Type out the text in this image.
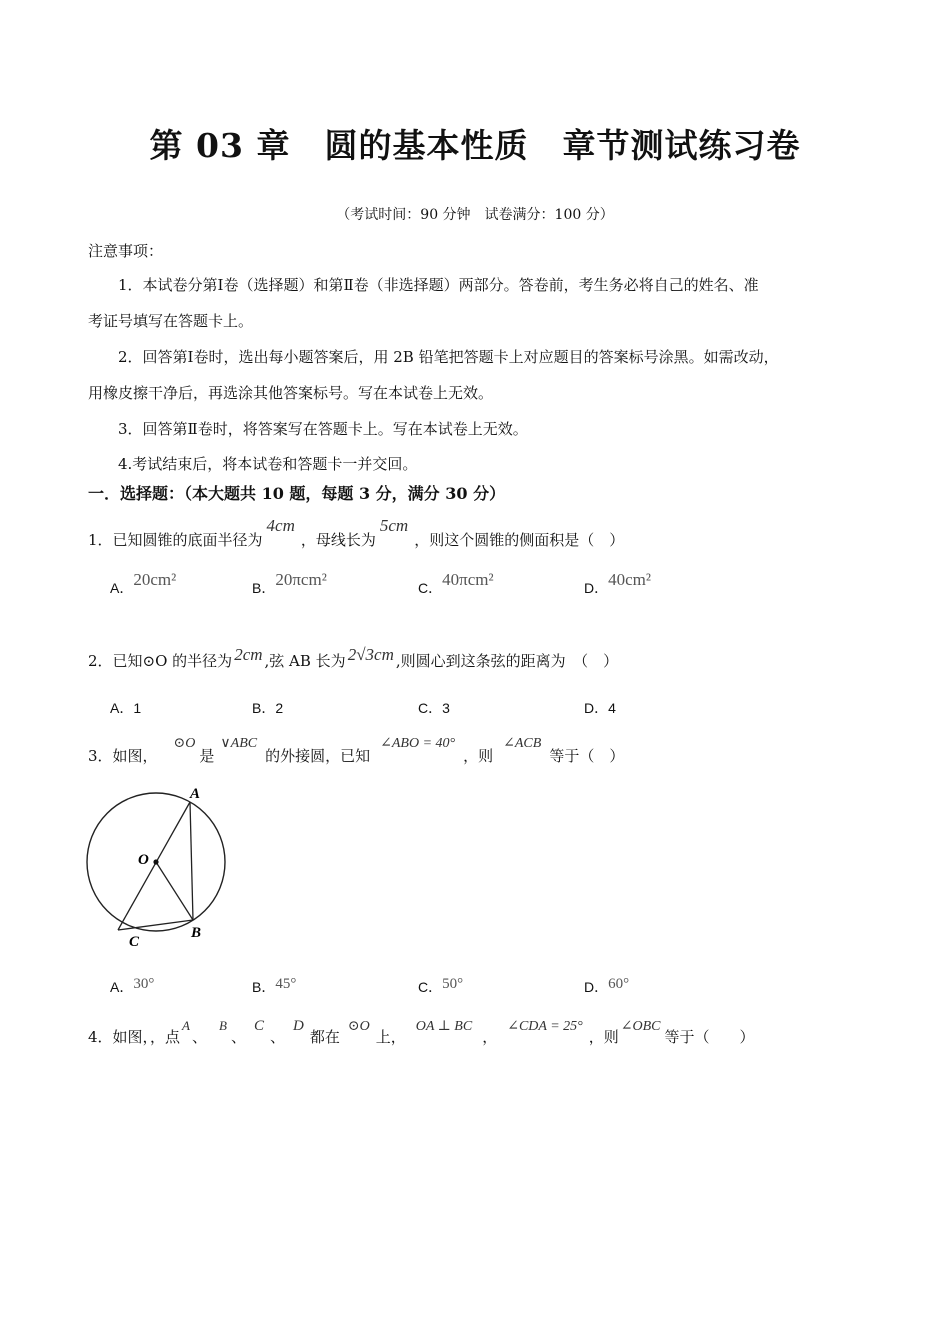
第 03 章　圆的基本性质　章节测试练习卷
（考试时间：90 分钟　试卷满分：100 分）
注意事项：
1．本试卷分第Ⅰ卷（选择题）和第Ⅱ卷（非选择题）两部分。答卷前，考生务必将自己的姓名、准
考证号填写在答题卡上。
2．回答第Ⅰ卷时，选出每小题答案后，用 2B 铅笔把答题卡上对应题目的答案标号涂黑。如需改动，
用橡皮擦干净后，再选涂其他答案标号。写在本试卷上无效。
3．回答第Ⅱ卷时，将答案写在答题卡上。写在本试卷上无效。
4.考试结束后，将本试卷和答题卡一并交回。
一．选择题：（本大题共 10 题，每题 3 分，满分 30 分）
1．已知圆锥的底面半径为4cm，母线长为5cm，则这个圆锥的侧面积是（　）
A．20cm²	B．20πcm²	C．40πcm²	D．40cm²
2．已知⊙O 的半径为 2cm ,弦 AB 长为 2√3cm ,则圆心到这条弦的距离为　（　）
A．1	B．2	C．3	D．4
3．如图，⊙O是∨ABC的外接圆，已知∠ABO = 40°，则∠ACB等于（　）
A
O
C
B
A．30°	B．45°	C．50°	D．60°
4．如图，，点A、B、C、D都在⊙O上，OA ⊥ BC，∠CDA = 25°，则∠OBC等于（　　）
